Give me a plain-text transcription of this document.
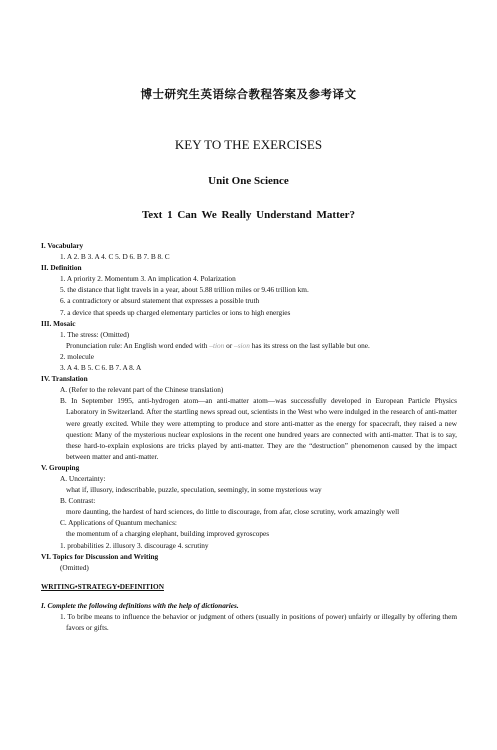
博士研究生英语综合教程答案及参考译文
KEY TO THE EXERCISES
Unit One Science
Text 1 Can We Really Understand Matter?
I. Vocabulary
1. A 2. B 3. A 4. C 5. D 6. B 7. B 8. C
II. Definition
1. A priority 2. Momentum 3. An implication 4. Polarization
5. the distance that light travels in a year, about 5.88 trillion miles or 9.46 trillion km.
6. a contradictory or absurd statement that expresses a possible truth
7. a device that speeds up charged elementary particles or ions to high energies
III. Mosaic
1. The stress: (Omitted)
Pronunciation rule: An English word ended with –tion or –sion has its stress on the last syllable but one.
2. molecule
3. A 4. B 5. C 6. B 7. A 8. A
IV. Translation
A. (Refer to the relevant part of the Chinese translation)
B. In September 1995, anti-hydrogen atom—an anti-matter atom—was successfully developed in European Particle Physics Laboratory in Switzerland. After the startling news spread out, scientists in the West who were indulged in the research of anti-matter were greatly excited. While they were attempting to produce and store anti-matter as the energy for spacecraft, they raised a new question: Many of the mysterious nuclear explosions in the recent one hundred years are connected with anti-matter. That is to say, these hard-to-explain explosions are tricks played by anti-matter. They are the “destruction” phenomenon caused by the impact between matter and anti-matter.
V. Grouping
A. Uncertainty:
what if, illusory, indescribable, puzzle, speculation, seemingly, in some mysterious way
B. Contrast:
more daunting, the hardest of hard sciences, do little to discourage, from afar, close scrutiny, work amazingly well
C. Applications of Quantum mechanics:
the momentum of a charging elephant, building improved gyroscopes
1. probabilities 2. illusory 3. discourage 4. scrutiny
VI. Topics for Discussion and Writing
(Omitted)
WRITING•STRATEGY•DEFINITION
I. Complete the following definitions with the help of dictionaries.
1. To bribe means to influence the behavior or judgment of others (usually in positions of power) unfairly or illegally by offering them favors or gifts.
